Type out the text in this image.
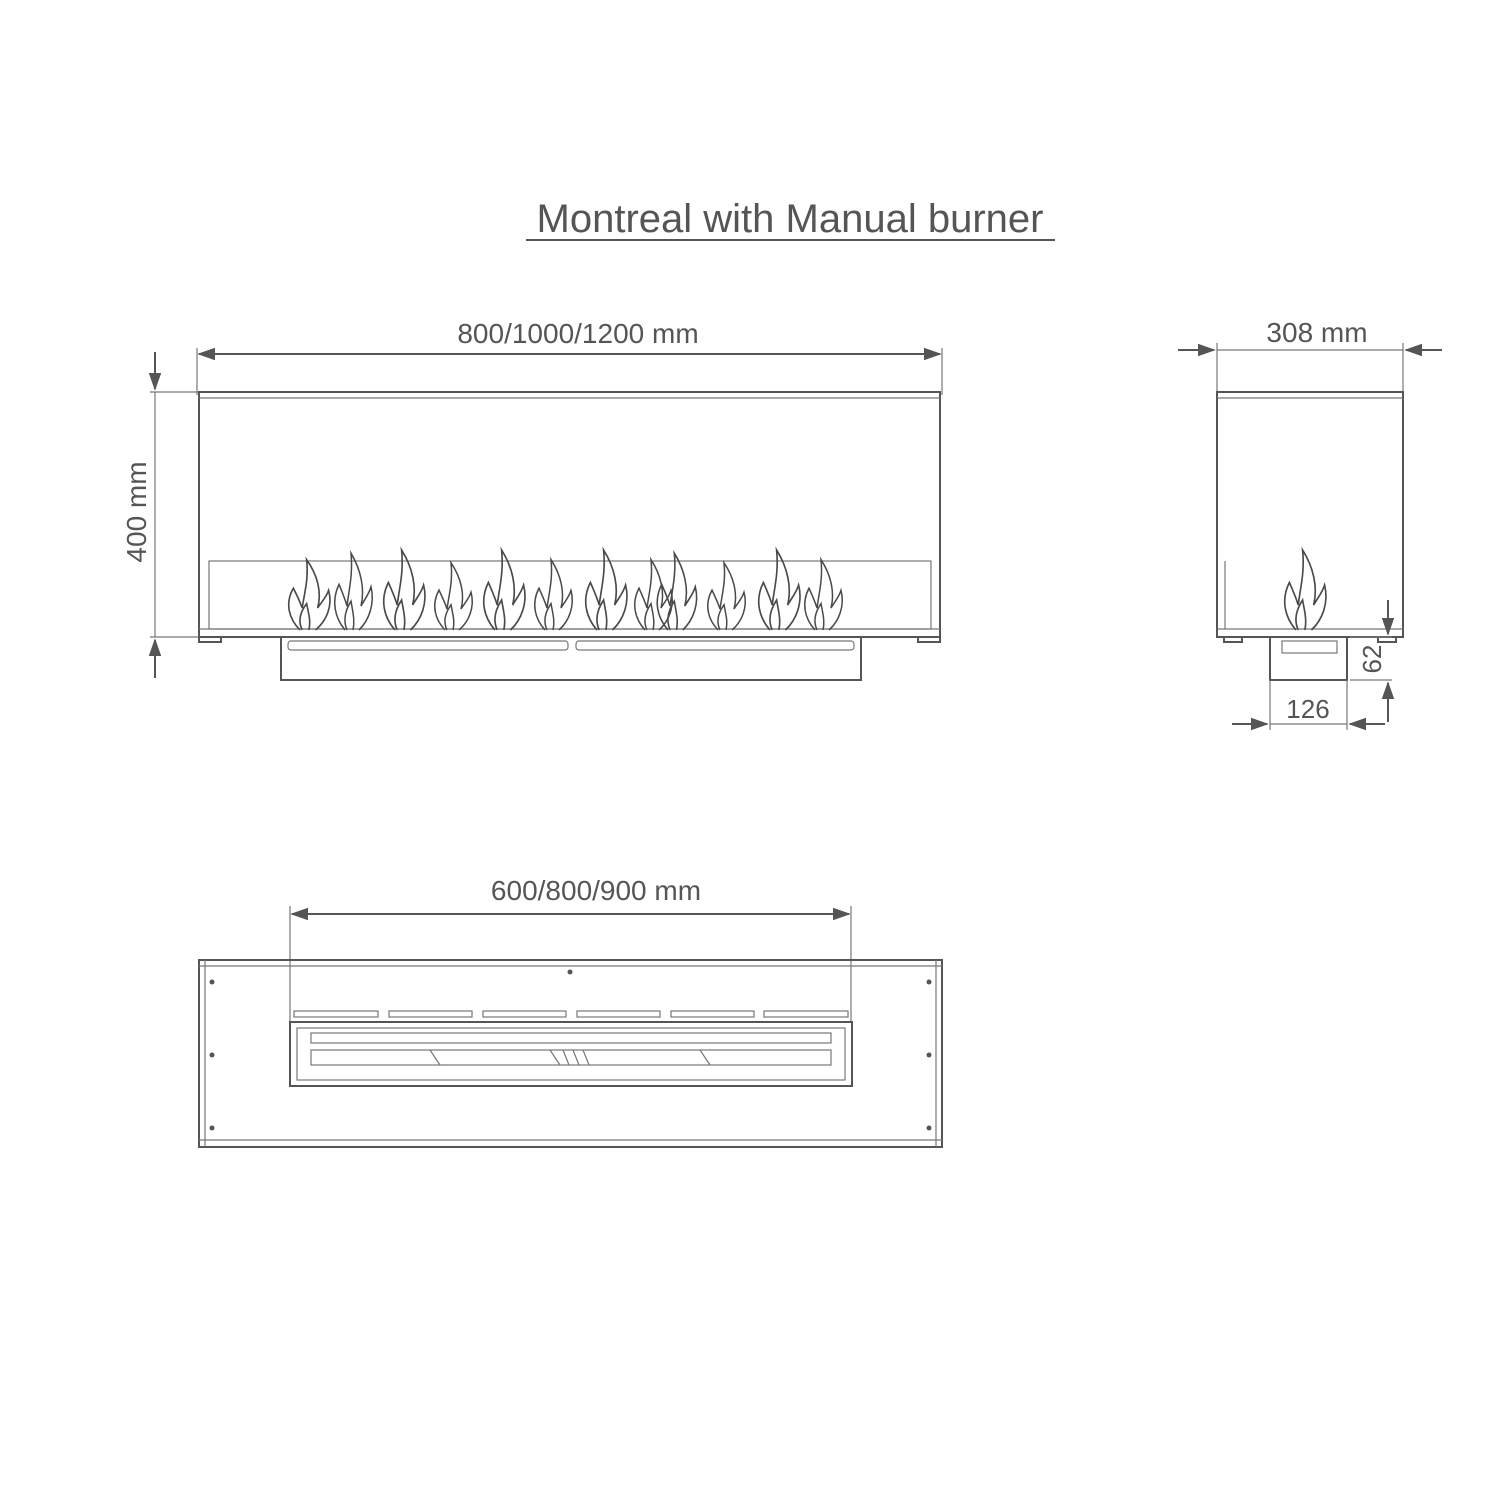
Montreal with Manual burner
800/1000/1200 mm
400 mm
308 mm
62
126
600/800/900 mm
